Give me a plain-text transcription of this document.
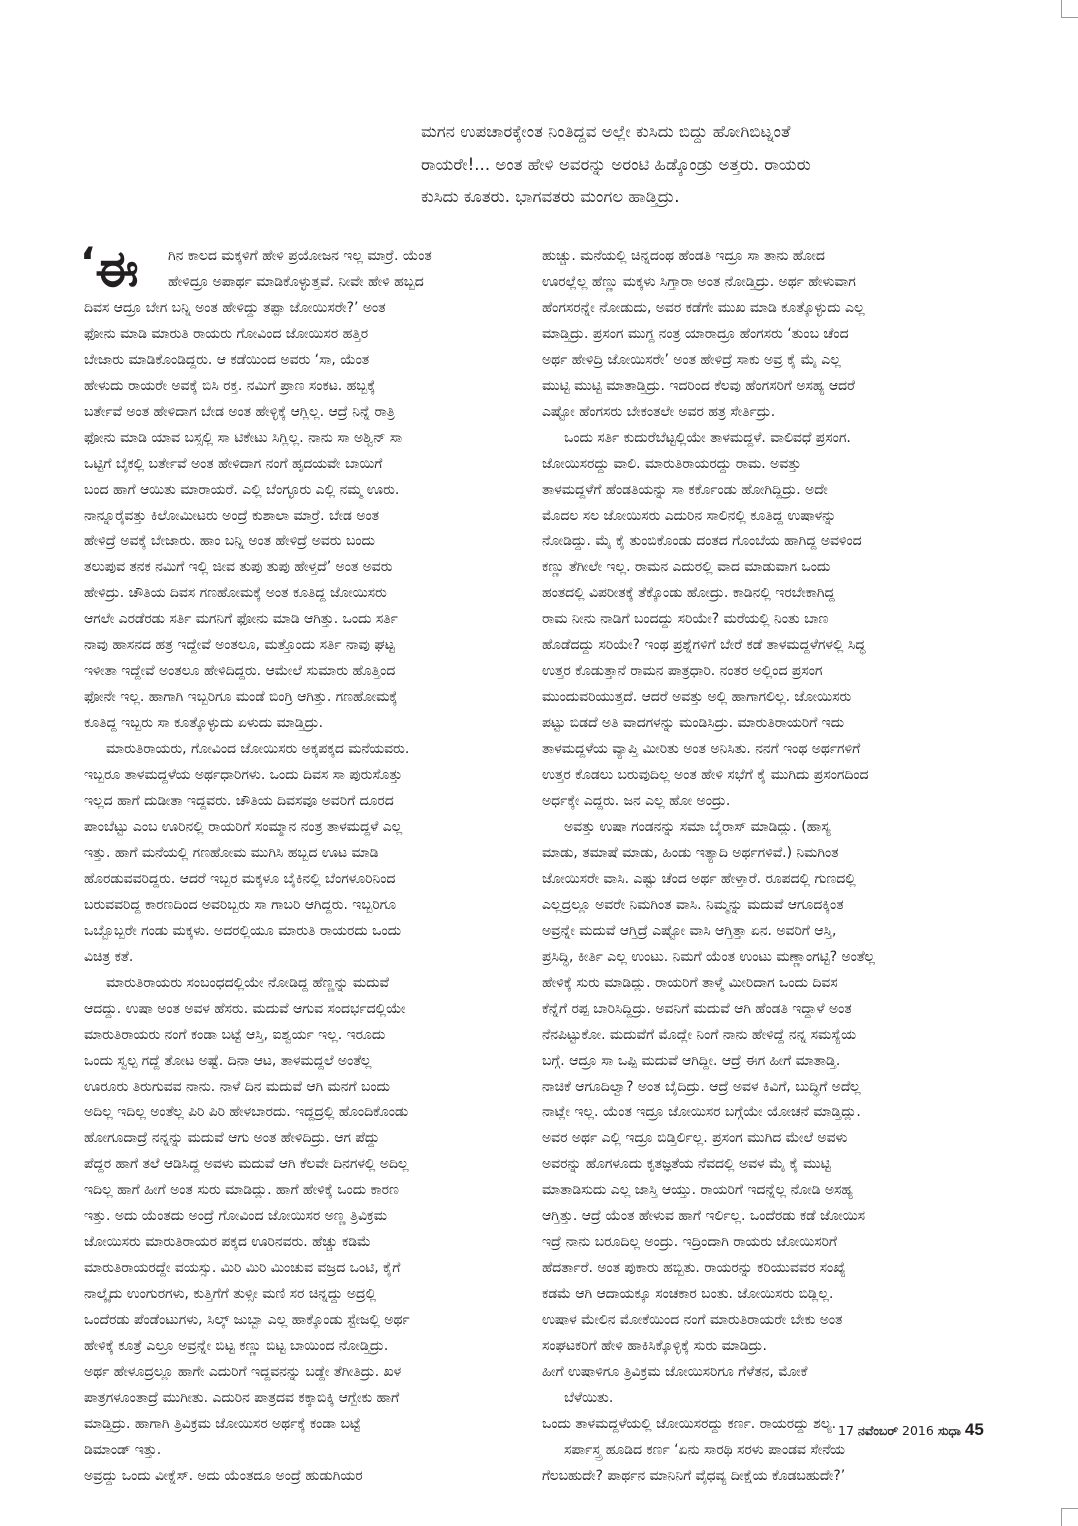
ಮಗನ ಉಪಚಾರಕ್ಕೇಂತ ನಿಂತಿದ್ದವ ಅಲ್ಲೇ ಕುಸಿದು ಬಿದ್ದು ಹೋಗಿಬಿಟ್ನಂತೆ
ರಾಯರೇ!... ಅಂತ ಹೇಳಿ ಅವರನ್ನು ಅರಂಟಿ ಹಿಡ್ಕೊಂಡ್ರು ಅತ್ತರು. ರಾಯರು
ಕುಸಿದು ಕೂತರು. ಭಾಗವತರು ಮಂಗಲ ಹಾಡ್ತಿದ್ರು.
‘ಈ	ಗಿನ ಕಾಲದ ಮಕ್ಕಳಿಗೆ ಹೇಳಿ ಪ್ರಯೋಜನ ಇಲ್ಲ ಮಾರ್ರೆ. ಯೆಂತ
ಹೇಳಿದ್ರೂ ಅಪಾರ್ಥ ಮಾಡಿಕೊಳ್ಳುತ್ತವೆ. ನೀವೇ ಹೇಳಿ ಹಬ್ಬದ
ದಿವಸ ಆದ್ರೂ ಬೇಗ ಬನ್ನಿ ಅಂತ ಹೇಳಿದ್ದು ತಪ್ಪಾ ಜೋಯಿಸರೇ?’ ಅಂತ
ಫೋನು ಮಾಡಿ ಮಾರುತಿ ರಾಯರು ಗೋವಿಂದ ಜೋಯಿಸರ ಹತ್ತಿರ
ಬೇಜಾರು ಮಾಡಿಕೊಂಡಿದ್ದರು. ಆ ಕಡೆಯಿಂದ ಅವರು ‘ಸಾ, ಯೆಂತ
ಹೇಳುದು ರಾಯರೇ ಅವಕ್ಕೆ ಬಿಸಿ ರಕ್ತ. ನಮಿಗೆ ಪ್ರಾಣ ಸಂಕಟ. ಹಬ್ಬಕ್ಕೆ
ಬರ್ತೇವೆ ಅಂತ ಹೇಳಿದಾಗ ಬೇಡ ಅಂತ ಹೇಳ್ಳಿಕ್ಕೆ ಆಗ್ಲಿಲ್ಲ. ಆದ್ರೆ ನಿನ್ನೆ ರಾತ್ರಿ
ಫೋನು ಮಾಡಿ ಯಾವ ಬಸ್ಸಲ್ಲಿ ಸಾ ಟಿಕೇಟು ಸಿಗ್ಲಿಲ್ಲ. ನಾನು ಸಾ ಅಶ್ವಿನ್ ಸಾ
ಒಟ್ಟಿಗೆ ಬೈಕಲ್ಲಿ ಬರ್ತೇವೆ ಅಂತ ಹೇಳಿದಾಗ ನಂಗೆ ಹೃದಯವೇ ಬಾಯಿಗೆ
ಬಂದ ಹಾಗೆ ಆಯಿತು ಮಾರಾಯರೆ. ಎಲ್ಲಿ ಬೆಂಗ್ಳೂರು ಎಲ್ಲಿ ನಮ್ಮ ಊರು.
ನಾನ್ನೂರೈವತ್ತು ಕಿಲೋಮೀಟರು ಅಂದ್ರೆ ಕುಶಾಲಾ ಮಾರ್ರೆ. ಬೇಡ ಅಂತ
ಹೇಳಿದ್ರೆ ಅವಕ್ಕೆ ಬೇಜಾರು. ಹಾಂ ಬನ್ನಿ ಅಂತ ಹೇಳಿದ್ರೆ ಅವರು ಬಂದು
ತಲುಪುವ ತನಕ ನಮಿಗೆ ಇಲ್ಲಿ ಜೀವ ತುಪು ತುಪು ಹೇಳ್ತದೆ’ ಅಂತ ಅವರು
ಹೇಳಿದ್ರು. ಚೌತಿಯ ದಿವಸ ಗಣಹೋಮಕ್ಕೆ ಅಂತ ಕೂತಿದ್ದ ಜೋಯಿಸರು
ಆಗಲೇ ಎರಡೆರಡು ಸರ್ತಿ ಮಗನಿಗೆ ಫೋನು ಮಾಡಿ ಆಗಿತ್ತು. ಒಂದು ಸರ್ತಿ
ನಾವು ಹಾಸನದ ಹತ್ರ ಇದ್ದೇವೆ ಅಂತಲೂ, ಮತ್ತೊಂದು ಸರ್ತಿ ನಾವು ಘಟ್ಟ
ಇಳೀತಾ ಇದ್ದೇವೆ ಅಂತಲೂ ಹೇಳಿದಿದ್ದರು. ಆಮೇಲೆ ಸುಮಾರು ಹೊತ್ತಿಂದ
ಫೋನೇ ಇಲ್ಲ. ಹಾಗಾಗಿ ಇಬ್ಬರಿಗೂ ಮಂಡೆ ಬಿಂಗ್ರಿ ಆಗಿತ್ತು. ಗಣಹೋಮಕ್ಕೆ
ಕೂತಿದ್ದ ಇಬ್ಬರು ಸಾ ಕೂತ್ಕೊಳ್ಳುದು ಏಳುದು ಮಾಡ್ತಿದ್ರು.
ಮಾರುತಿರಾಯರು, ಗೋವಿಂದ ಜೋಯಿಸರು ಅಕ್ಕಪಕ್ಕದ ಮನೆಯವರು.
ಇಬ್ಬರೂ ತಾಳಮದ್ದಳೆಯ ಅರ್ಥಧಾರಿಗಳು. ಒಂದು ದಿವಸ ಸಾ ಪುರುಸೊತ್ತು
ಇಲ್ಲದ ಹಾಗೆ ದುಡೀತಾ ಇದ್ದವರು. ಚೌತಿಯ ದಿವಸವೂ ಅವರಿಗೆ ದೂರದ
ಪಾಂಬೆಟ್ಟು ಎಂಬ ಊರಿನಲ್ಲಿ ರಾಯರಿಗೆ ಸಂಮ್ಮಾನ ನಂತ್ರ ತಾಳಮದ್ದಳೆ ಎಲ್ಲ
ಇತ್ತು. ಹಾಗೆ ಮನೆಯಲ್ಲಿ ಗಣಹೋಮ ಮುಗಿಸಿ ಹಬ್ಬದ ಊಟ ಮಾಡಿ
ಹೊರಡುವವರಿದ್ದರು. ಆದರೆ ಇಬ್ಬರ ಮಕ್ಕಳೂ ಬೈಕಿನಲ್ಲಿ ಬೆಂಗಳೂರಿನಿಂದ
ಬರುವವರಿದ್ದ ಕಾರಣದಿಂದ ಅವರಿಬ್ಬರು ಸಾ ಗಾಬರಿ ಆಗಿದ್ದರು. ಇಬ್ಬರಿಗೂ
ಒಬ್ಬೊಬ್ಬರೇ ಗಂಡು ಮಕ್ಕಳು. ಅದರಲ್ಲಿಯೂ ಮಾರುತಿ ರಾಯರದು ಒಂದು
ವಿಚಿತ್ರ ಕತೆ.
ಮಾರುತಿರಾಯರು ಸಂಬಂಧದಲ್ಲಿಯೇ ನೋಡಿದ್ದ ಹೆಣ್ಣನ್ನು ಮದುವೆ
ಆದದ್ದು. ಉಷಾ ಅಂತ ಅವಳ ಹೆಸರು. ಮದುವೆ ಆಗುವ ಸಂದರ್ಭದಲ್ಲಿಯೇ
ಮಾರುತಿರಾಯರು ನಂಗೆ ಕಂಡಾ ಬಟ್ಟೆ ಆಸ್ತಿ, ಐಶ್ವರ್ಯ ಇಲ್ಲ. ಇರೂದು
ಒಂದು ಸ್ವಲ್ಪ ಗದ್ದೆ ತೋಟ ಅಷ್ಟೆ. ದಿನಾ ಆಟ, ತಾಳಮದ್ದಲೆ ಅಂತೆಲ್ಲ
ಊರೂರು ತಿರುಗುವವ ನಾನು. ನಾಳೆ ದಿನ ಮದುವೆ ಆಗಿ ಮನಗೆ ಬಂದು
ಅದಿಲ್ಲ ಇದಿಲ್ಲ ಅಂತೆಲ್ಲ ಪಿರಿ ಪಿರಿ ಹೇಳಬಾರದು. ಇದ್ದದ್ರಲ್ಲಿ ಹೊಂದಿಕೊಂಡು
ಹೋಗೂದಾದ್ರೆ ನನ್ನನ್ನು ಮದುವೆ ಆಗು ಅಂತ ಹೇಳಿದಿದ್ರು. ಆಗ ಪೆದ್ದು
ಪೆದ್ದರ ಹಾಗೆ ತಲೆ ಆಡಿಸಿದ್ದ ಅವಳು ಮದುವೆ ಆಗಿ ಕೆಲವೇ ದಿನಗಳಲ್ಲಿ ಅದಿಲ್ಲ
ಇದಿಲ್ಲ ಹಾಗೆ ಹೀಗೆ ಅಂತ ಸುರು ಮಾಡಿದ್ಲು. ಹಾಗೆ ಹೇಳಿಕ್ಕೆ ಒಂದು ಕಾರಣ
ಇತ್ತು. ಅದು ಯೆಂತದು ಅಂದ್ರೆ ಗೋವಿಂದ ಜೋಯಿಸರ ಅಣ್ಣ ತ್ರಿವಿಕ್ರಮ
ಜೋಯಿಸರು ಮಾರುತಿರಾಯರ ಪಕ್ಕದ ಊರಿನವರು. ಹೆಚ್ಚು ಕಡಿಮೆ
ಮಾರುತಿರಾಯರದ್ದೇ ವಯಸ್ಸು. ಮಿರಿ ಮಿರಿ ಮಿಂಚುವ ವಜ್ರದ ಒಂಟಿ, ಕೈಗೆ
ನಾಲ್ಕೈದು ಉಂಗುರಗಳು, ಕುತ್ತಿಗೆಗೆ ತುಳ್ಸೀ ಮಣಿ ಸರ ಚಿನ್ನದ್ದು ಅದ್ರಲ್ಲಿ
ಒಂದೆರಡು ಪೆಂಡೆಂಟುಗಳು, ಸಿಲ್ಕ್ ಜುಬ್ಬಾ ಎಲ್ಲ ಹಾಕ್ಕೊಂಡು ಸ್ಟೇಜಲ್ಲಿ ಅರ್ಥ
ಹೇಳಿಕ್ಕೆ ಕೂತ್ರೆ ಎಲ್ರೂ ಅವ್ರನ್ನೇ ಬಿಟ್ಟ ಕಣ್ಣು ಬಿಟ್ಟ ಬಾಯಿಂದ ನೋಡ್ತಿದ್ರು.
ಅರ್ಥ ಹೇಳೂದ್ರಲ್ಲೂ ಹಾಗೇ ಎದುರಿಗೆ ಇದ್ದವನನ್ನು ಬಡ್ದೇ ತೆಗೀತಿದ್ರು. ಖಳ
ಪಾತ್ರಗಳೂಂತಾದ್ರೆ ಮುಗೀತು. ಎದುರಿನ ಪಾತ್ರದವ ಕಕ್ಕಾಬಿಕ್ಕಿ ಆಗ್ಬೇಕು ಹಾಗೆ
ಮಾಡ್ತಿದ್ರು. ಹಾಗಾಗಿ ತ್ರಿವಿಕ್ರಮ ಜೋಯಿಸರ ಅರ್ಥಕ್ಕೆ ಕಂಡಾ ಬಟ್ಟೆ
ಡಿಮಾಂಡ್ ಇತ್ತು.
ಅವ್ರದ್ದು ಒಂದು ವೀಕ್ನೆಸ್. ಅದು ಯೆಂತದೂ ಅಂದ್ರೆ ಹುಡುಗಿಯರ
ಹುಚ್ಚು. ಮನೆಯಲ್ಲಿ ಚಿನ್ನದಂಥ ಹೆಂಡತಿ ಇದ್ರೂ ಸಾ ತಾನು ಹೋದ
ಊರಲ್ಲೆಲ್ಲ ಹೆಣ್ಣು ಮಕ್ಕಳು ಸಿಗ್ತಾರಾ ಅಂತ ನೋಡ್ತಿದ್ರು. ಅರ್ಥ ಹೇಳುವಾಗ
ಹೆಂಗಸರನ್ನೇ ನೋಡುದು, ಅವರ ಕಡೆಗೇ ಮುಖ ಮಾಡಿ ಕೂತ್ಕೊಳ್ಳುದು ಎಲ್ಲ
ಮಾಡ್ತಿದ್ರು. ಪ್ರಸಂಗ ಮುಗ್ದ ನಂತ್ರ ಯಾರಾದ್ರೂ ಹೆಂಗಸರು ‘ತುಂಬ ಚೆಂದ
ಅರ್ಥ ಹೇಳಿದ್ರಿ ಜೋಯಿಸರೇ’ ಅಂತ ಹೇಳಿದ್ರೆ ಸಾಕು ಅವ್ರ ಕೈ ಮೈ ಎಲ್ಲ
ಮುಟ್ಟಿ ಮುಟ್ಟಿ ಮಾತಾಡ್ತಿದ್ರು. ಇದರಿಂದ ಕೆಲವು ಹೆಂಗಸರಿಗೆ ಅಸಹ್ಯ ಆದರೆ
ಎಷ್ಟೋ ಹೆಂಗಸರು ಬೇಕಂತಲೇ ಅವರ ಹತ್ರ ಸೇರ್ತಿದ್ರು.
ಒಂದು ಸರ್ತಿ ಕುದುರೆಬೆಟ್ಟಲ್ಲಿಯೇ ತಾಳಮದ್ದಳೆ. ವಾಲಿವಧೆ ಪ್ರಸಂಗ.
ಜೋಯಿಸರದ್ದು ವಾಲಿ. ಮಾರುತಿರಾಯರದ್ದು ರಾಮ. ಅವತ್ತು
ತಾಳಮದ್ದಳೆಗೆ ಹೆಂಡತಿಯನ್ನು ಸಾ ಕರ್ಕೊಂಡು ಹೋಗಿದ್ದಿದ್ರು. ಅದೇ
ಮೊದಲ ಸಲ ಜೋಯಿಸರು ಎದುರಿನ ಸಾಲಿನಲ್ಲಿ ಕೂತಿದ್ದ ಉಷಾಳನ್ನು
ನೋಡಿದ್ದು. ಮೈ ಕೈ ತುಂಬಿಕೊಂಡು ದಂತದ ಗೊಂಬೆಯ ಹಾಗಿದ್ದ ಅವಳಿಂದ
ಕಣ್ಣು ತೆಗೀಲೇ ಇಲ್ಲ. ರಾಮನ ಎದುರಲ್ಲಿ ವಾದ ಮಾಡುವಾಗ ಒಂದು
ಹಂತದಲ್ಲಿ ವಿಪರೀತಕ್ಕೆ ತೆಕ್ಕೊಂಡು ಹೋದ್ರು. ಕಾಡಿನಲ್ಲಿ ಇರಬೇಕಾಗಿದ್ದ
ರಾಮ ನೀನು ನಾಡಿಗೆ ಬಂದದ್ದು ಸರಿಯೇ? ಮರೆಯಲ್ಲಿ ನಿಂತು ಬಾಣ
ಹೊಡೆದದ್ದು ಸರಿಯೇ? ಇಂಥ ಪ್ರಶ್ನೆಗಳಿಗೆ ಬೇರೆ ಕಡೆ ತಾಳಮದ್ದಳೆಗಳಲ್ಲಿ ಸಿದ್ಧ
ಉತ್ತರ ಕೊಡುತ್ತಾನೆ ರಾಮನ ಪಾತ್ರಧಾರಿ. ನಂತರ ಅಲ್ಲಿಂದ ಪ್ರಸಂಗ
ಮುಂದುವರಿಯುತ್ತದೆ. ಆದರೆ ಅವತ್ತು ಅಲ್ಲಿ ಹಾಗಾಗಲಿಲ್ಲ. ಜೋಯಿಸರು
ಪಟ್ಟು ಬಿಡದೆ ಅತಿ ವಾದಗಳನ್ನು ಮಂಡಿಸಿದ್ರು. ಮಾರುತಿರಾಯರಿಗೆ ಇದು
ತಾಳಮದ್ದಳೆಯ ವ್ಯಾಪ್ತಿ ಮೀರಿತು ಅಂತ ಅನಿಸಿತು. ನನಗೆ ಇಂಥ ಅರ್ಥಗಳಿಗೆ
ಉತ್ತರ ಕೊಡಲು ಬರುವುದಿಲ್ಲ ಅಂತ ಹೇಳಿ ಸಭೆಗೆ ಕೈ ಮುಗಿದು ಪ್ರಸಂಗದಿಂದ
ಅರ್ಧಕ್ಕೇ ಎದ್ದರು. ಜನ ಎಲ್ಲ ಹೋ ಅಂದ್ರು.
ಅವತ್ತು ಉಷಾ ಗಂಡನನ್ನು ಸಮಾ ಬೈರಾಸ್ ಮಾಡಿದ್ಲು. (ಹಾಸ್ಯ
ಮಾಡು, ತಮಾಷೆ ಮಾಡು, ಹಿಂಡು ಇತ್ಯಾದಿ ಅರ್ಥಗಳಿವೆ.) ನಿಮಗಿಂತ
ಜೋಯಿಸರೇ ವಾಸಿ. ಎಷ್ಟು ಚೆಂದ ಅರ್ಥ ಹೇಳ್ತಾರೆ. ರೂಪದಲ್ಲಿ ಗುಣದಲ್ಲಿ
ಎಲ್ಲದ್ರಲ್ಲೂ ಅವರೇ ನಿಮಗಿಂತ ವಾಸಿ. ನಿಮ್ಮನ್ನು ಮದುವೆ ಆಗೂದಕ್ಕಿಂತ
ಅವ್ರನ್ನೇ ಮದುವೆ ಆಗ್ತಿದ್ರೆ ಎಷ್ಟೋ ವಾಸಿ ಆಗ್ತಿತ್ತಾ ಏನ. ಅವರಿಗೆ ಆಸ್ತಿ,
ಪ್ರಸಿದ್ಧಿ, ಕೀರ್ತಿ ಎಲ್ಲ ಉಂಟು. ನಿಮಗೆ ಯೆಂತ ಉಂಟು ಮಣ್ಣಾಂಗಟ್ಟಿ? ಅಂತೆಲ್ಲ
ಹೇಳಿಕ್ಕೆ ಸುರು ಮಾಡಿದ್ಲು. ರಾಯರಿಗೆ ತಾಳ್ಮೆ ಮೀರಿದಾಗ ಒಂದು ದಿವಸ
ಕೆನ್ನೆಗೆ ರಪ್ಪ ಬಾರಿಸಿದ್ದಿದ್ರು. ಅವನಿಗೆ ಮದುವೆ ಆಗಿ ಹೆಂಡತಿ ಇದ್ದಾಳೆ ಅಂತ
ನೆನಪಿಟ್ಟುಕೋ. ಮದುವೆಗೆ ಮೊದ್ಲೇ ನಿಂಗೆ ನಾನು ಹೇಳಿದ್ದೆ ನನ್ನ ಸಮಸ್ಯೆಯ
ಬಗ್ಗೆ. ಆದ್ರೂ ಸಾ ಒಪ್ಪಿ ಮದುವೆ ಆಗಿದ್ದೀ. ಆದ್ರೆ ಈಗ ಹೀಗೆ ಮಾತಾಡ್ತಿ.
ನಾಚಿಕೆ ಆಗೂದಿಲ್ವಾ? ಅಂತ ಬೈದಿದ್ರು. ಆದ್ರೆ ಅವಳ ಕಿವಿಗೆ, ಬುದ್ಧಿಗೆ ಅದೆಲ್ಲ
ನಾಟ್ಲೇ ಇಲ್ಲ. ಯೆಂತ ಇದ್ರೂ ಜೋಯಿಸರ ಬಗ್ಗೆಯೇ ಯೋಚನೆ ಮಾಡ್ತಿದ್ಲು.
ಅವರ ಅರ್ಥ ಎಲ್ಲಿ ಇದ್ರೂ ಬಿಡ್ತಿರ್ಲಿಲ್ಲ. ಪ್ರಸಂಗ ಮುಗಿದ ಮೇಲೆ ಅವಳು
ಅವರನ್ನು ಹೊಗಳೂದು ಕೃತಜ್ಞತೆಯ ನೆವದಲ್ಲಿ ಅವಳ ಮೈ ಕೈ ಮುಟ್ಟಿ
ಮಾತಾಡಿಸುದು ಎಲ್ಲ ಜಾಸ್ತಿ ಆಯ್ತು. ರಾಯರಿಗೆ ಇದನ್ನೆಲ್ಲ ನೋಡಿ ಅಸಹ್ಯ
ಆಗ್ತಿತ್ತು. ಆದ್ರೆ ಯೆಂತ ಹೇಳುವ ಹಾಗೆ ಇರ್ಲಿಲ್ಲ. ಒಂದೆರಡು ಕಡೆ ಜೋಯಿಸ
ಇದ್ರೆ ನಾನು ಬರೂದಿಲ್ಲ ಅಂದ್ರು. ಇದ್ರಿಂದಾಗಿ ರಾಯರು ಜೋಯಿಸರಿಗೆ
ಹೆದರ್ತಾರೆ. ಅಂತ ಪುಕಾರು ಹಬ್ಬಿತು. ರಾಯರನ್ನು ಕರಿಯುವವರ ಸಂಖ್ಯೆ
ಕಡಮೆ ಆಗಿ ಆದಾಯಕ್ಕೂ ಸಂಚಕಾರ ಬಂತು. ಜೋಯಿಸರು ಬಿಡ್ಲಿಲ್ಲ.
ಉಷಾಳ ಮೇಲಿನ ಮೋಕೆಯಿಂದ ನಂಗೆ ಮಾರುತಿರಾಯರೇ ಬೇಕು ಅಂತ
ಸಂಘಟಕರಿಗೆ ಹೇಳಿ ಹಾಕಿಸಿಕ್ಕೊಳ್ಳಿಕ್ಕೆ ಸುರು ಮಾಡಿದ್ರು.
ಹೀಗೆ ಉಷಾಳಿಗೂ ತ್ರಿವಿಕ್ರಮ ಜೋಯಿಸರಿಗೂ ಗೆಳೆತನ, ಮೋಕೆ
ಬೆಳೆಯಿತು.
ಒಂದು ತಾಳಮದ್ದಳೆಯಲ್ಲಿ ಜೋಯಿಸರದ್ದು ಕರ್ಣ. ರಾಯರದ್ದು ಶಲ್ಯ.
ಸರ್ಪಾಸ್ತ್ರ ಹೂಡಿದ ಕರ್ಣ ‘ಏನು ಸಾರಥಿ ಸರಳು ಪಾಂಡವ ಸೇನೆಯ
ಗೆಲಬಹುದೇ? ಪಾರ್ಥನ ಮಾನಿನಿಗೆ ವೈಧವ್ಯ ದೀಕ್ಷೆಯ ಕೊಡಬಹುದೇ?’
17 ನವೆಂಬರ್ 2016 ಸುಧಾ 45
